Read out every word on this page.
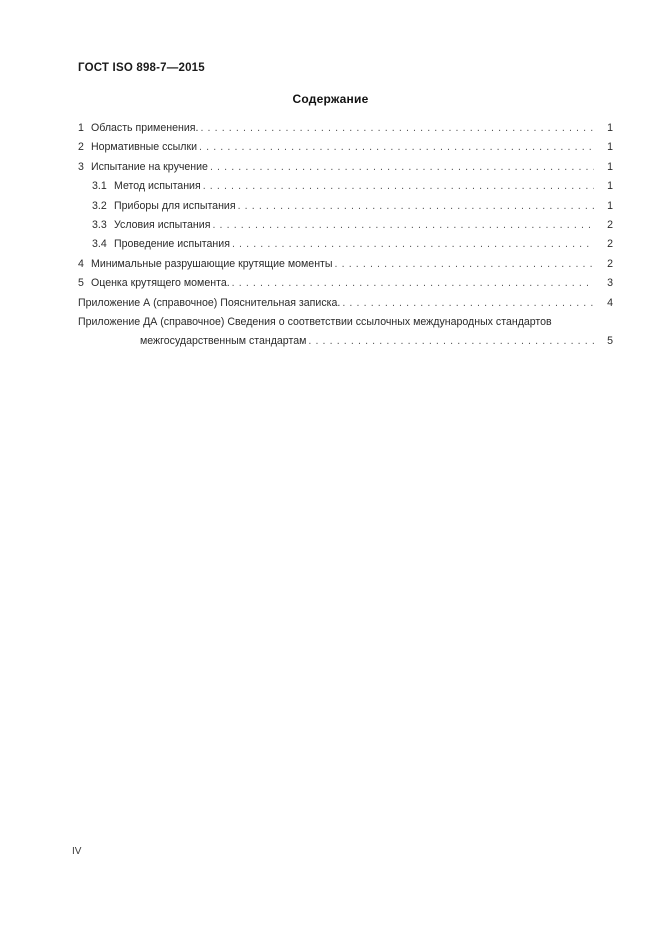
ГОСТ ISO 898-7—2015
Содержание
1 Область применения. . . .	1
2 Нормативные ссылки . . .	1
3 Испытание на кручение . . .	1
3.1 Метод испытания . . .	1
3.2 Приборы для испытания . . .	1
3.3 Условия испытания . . .	2
3.4 Проведение испытания . . .	2
4 Минимальные разрушающие крутящие моменты . . .	2
5 Оценка крутящего момента. . . .	3
Приложение А (справочное) Пояснительная записка. . . .	4
Приложение ДА (справочное) Сведения о соответствии ссылочных международных стандартов
межгосударственным стандартам . . .	5
IV
